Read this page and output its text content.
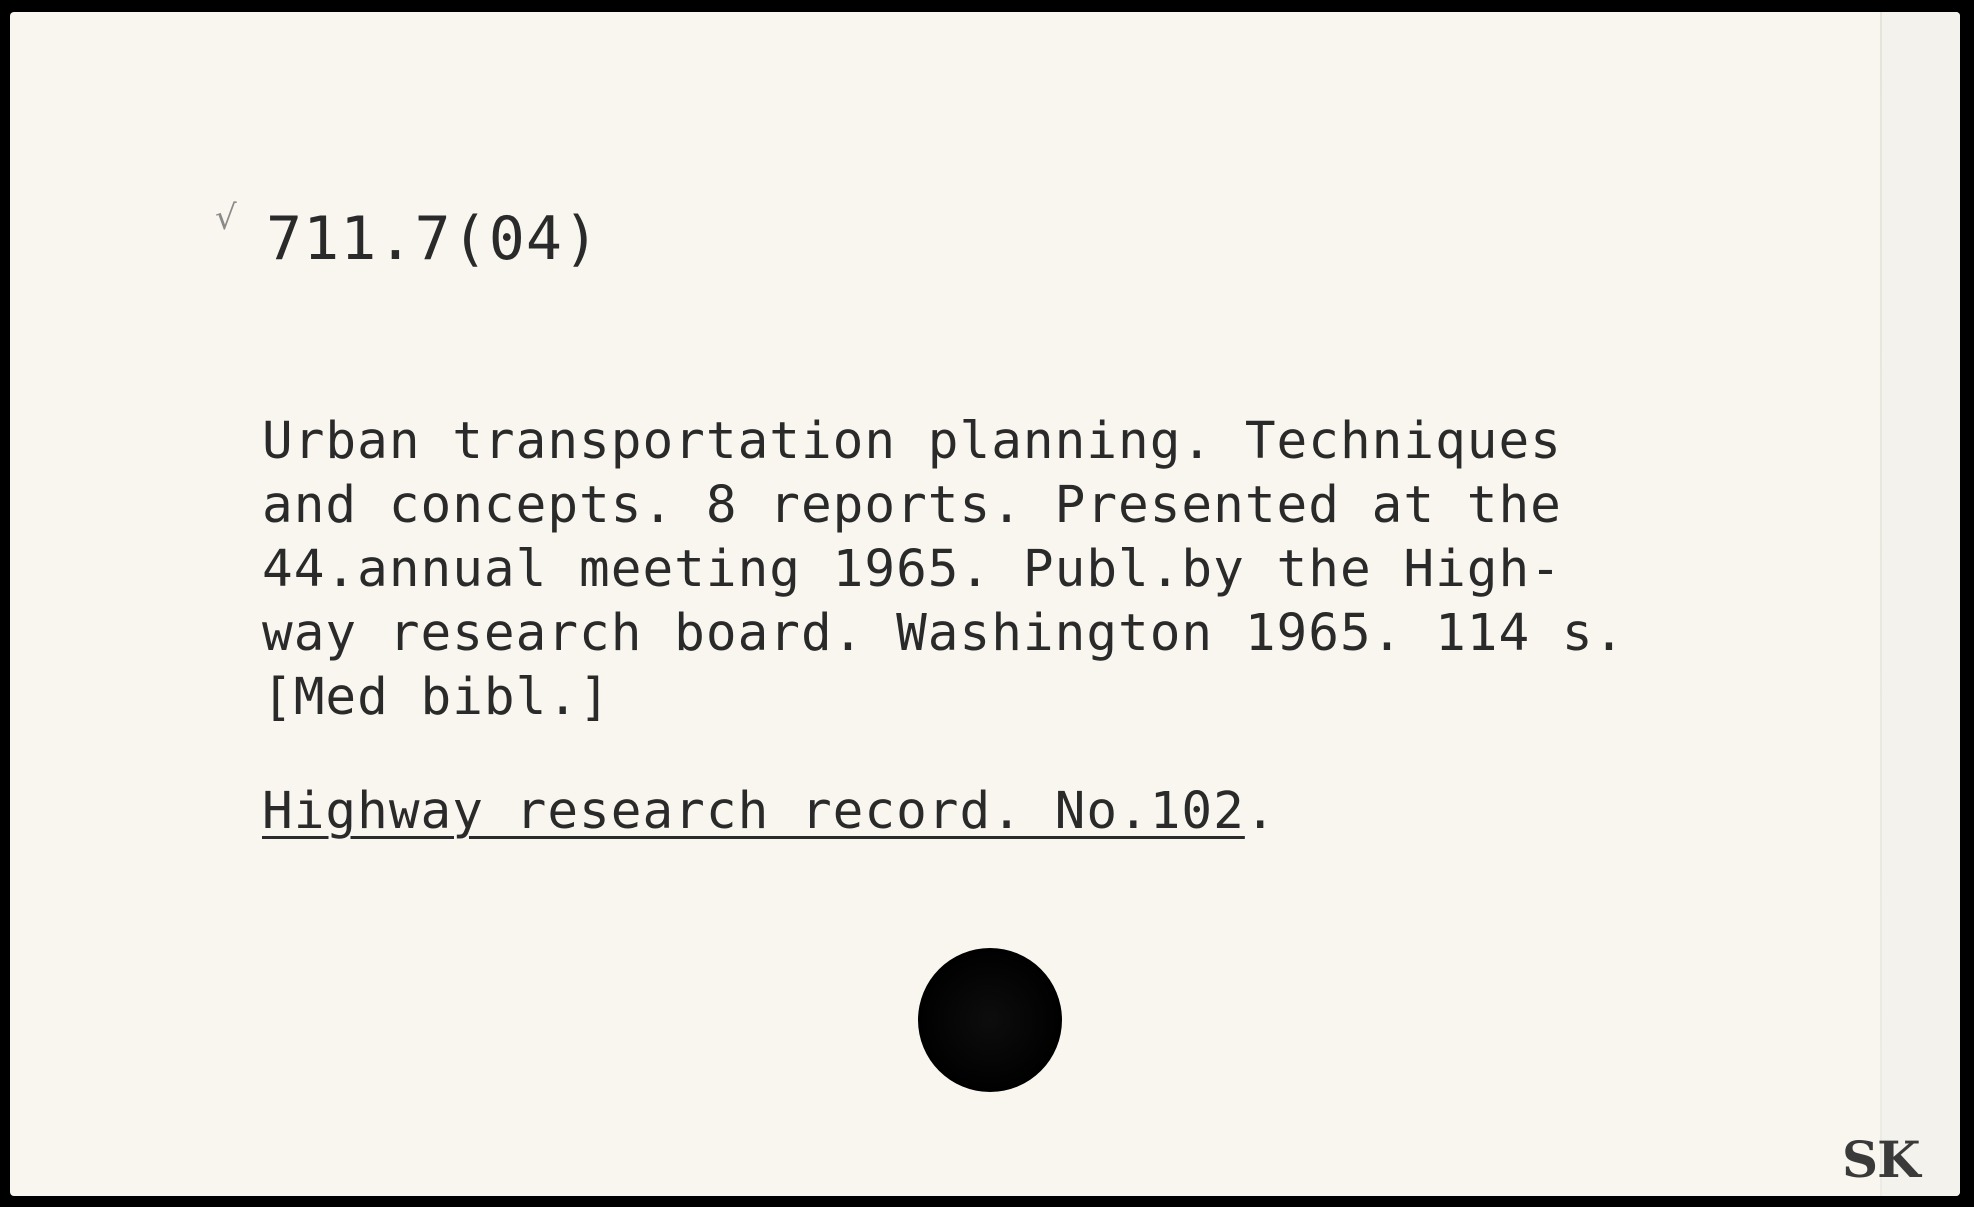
√ 711.7(04)
Urban transportation planning. Techniques
and concepts. 8 reports. Presented at the
44.annual meeting 1965. Publ.by the High-
way research board. Washington 1965. 114 s.
[Med bibl.]
Highway research record. No.102.
SK
